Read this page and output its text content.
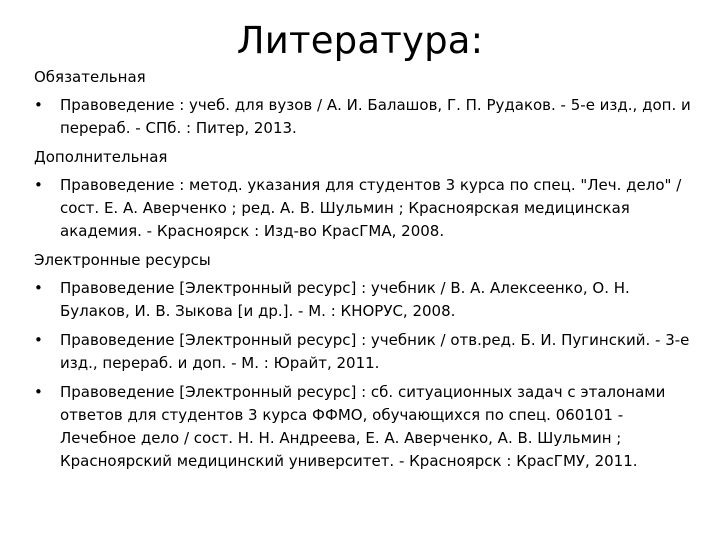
Литература:

Обязательная

• Правоведение : учеб. для вузов / А. И. Балашов, Г. П. Рудаков. - 5-е изд., доп. и перераб. - СПб. : Питер, 2013.

Дополнительная

• Правоведение : метод. указания для студентов 3 курса по спец. "Леч. дело" / сост. Е. А. Аверченко ; ред. А. В. Шульмин ; Красноярская медицинская академия. - Красноярск : Изд-во КрасГМА, 2008.

Электронные ресурсы

• Правоведение [Электронный ресурс] : учебник / В. А. Алексеенко, О. Н. Булаков, И. В. Зыкова [и др.]. - М. : КНОРУС, 2008.
• Правоведение [Электронный ресурс] : учебник / отв.ред. Б. И. Пугинский. - 3-е изд., перераб. и доп. - М. : Юрайт, 2011.
• Правоведение [Электронный ресурс] : сб. ситуационных задач с эталонами ответов для студентов 3 курса ФФМО, обучающихся по спец. 060101 - Лечебное дело / сост. Н. Н. Андреева, Е. А. Аверченко, А. В. Шульмин ; Красноярский медицинский университет. - Красноярск : КрасГМУ, 2011.
